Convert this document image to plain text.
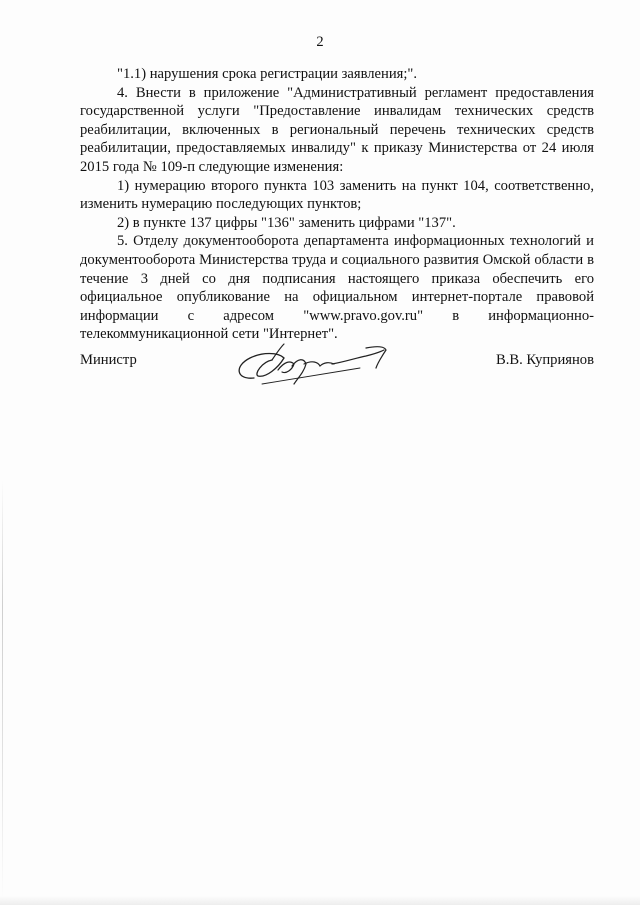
2

"1.1) нарушения срока регистрации заявления;".

4. Внести в приложение "Административный регламент предоставления государственной услуги "Предоставление инвалидам технических средств реабилитации, включенных в региональный перечень технических средств реабилитации, предоставляемых инвалиду" к приказу Министерства от 24 июля 2015 года № 109-п следующие изменения:

1) нумерацию второго пункта 103 заменить на пункт 104, соответственно, изменить нумерацию последующих пунктов;

2) в пункте 137 цифры "136" заменить цифрами "137".

5. Отделу документооборота департамента информационных технологий и документооборота Министерства труда и социального развития Омской области в течение 3 дней со дня подписания настоящего приказа обеспечить его официальное опубликование на официальном интернет-портале правовой информации с адресом "www.pravo.gov.ru" в информационно-телекоммуникационной сети "Интернет".

Министр	В.В. Куприянов
